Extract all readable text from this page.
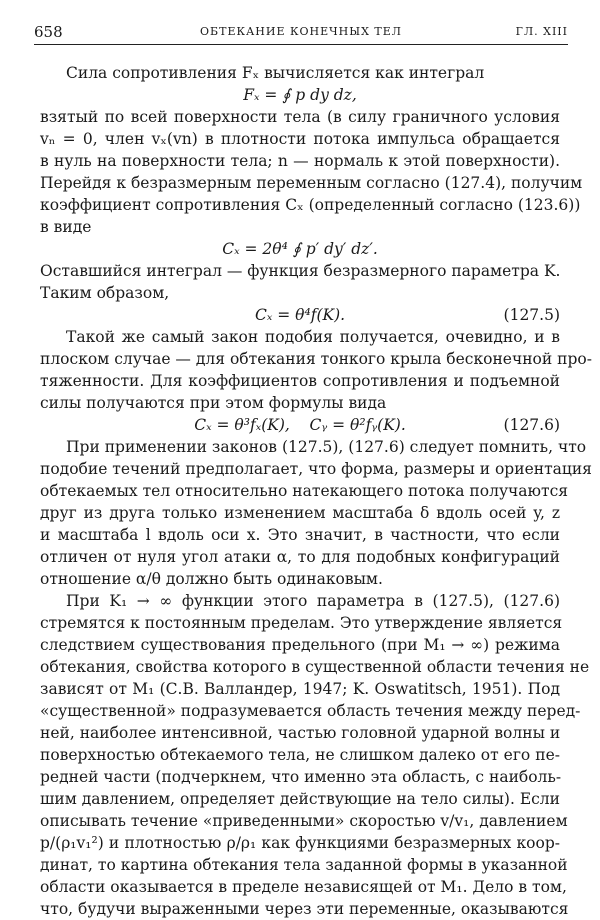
658	ОБТЕКАНИЕ КОНЕЧНЫХ ТЕЛ	ГЛ. XIII
Сила сопротивления Fₓ вычисляется как интеграл
Fₓ = ∮ p dy dz,
взятый по всей поверхности тела (в силу граничного условия
vₙ = 0, член vₓ(vn) в плотности потока импульса обращается
в нуль на поверхности тела; n — нормаль к этой поверхности).
Перейдя к безразмерным переменным согласно (127.4), получим
коэффициент сопротивления Cₓ (определенный согласно (123.6))
в виде
Cₓ = 2θ⁴ ∮ p′ dy′ dz′.
Оставшийся интеграл — функция безразмерного параметра K.
Таким образом,
Cₓ = θ⁴f(K).	(127.5)
Такой же самый закон подобия получается, очевидно, и в
плоском случае — для обтекания тонкого крыла бесконечной про-
тяженности. Для коэффициентов сопротивления и подъемной
силы получаются при этом формулы вида
Cₓ = θ³fₓ(K),    Cᵧ = θ²fᵧ(K).	(127.6)
При применении законов (127.5), (127.6) следует помнить, что
подобие течений предполагает, что форма, размеры и ориентация
обтекаемых тел относительно натекающего потока получаются
друг из друга только изменением масштаба δ вдоль осей y, z
и масштаба l вдоль оси x. Это значит, в частности, что если
отличен от нуля угол атаки α, то для подобных конфигураций
отношение α/θ должно быть одинаковым.
При K₁ → ∞ функции этого параметра в (127.5), (127.6)
стремятся к постоянным пределам. Это утверждение является
следствием существования предельного (при M₁ → ∞) режима
обтекания, свойства которого в существенной области течения не
зависят от M₁ (С.В. Валландер, 1947; K. Oswatitsch, 1951). Под
«существенной» подразумевается область течения между перед-
ней, наиболее интенсивной, частью головной ударной волны и
поверхностью обтекаемого тела, не слишком далеко от его пе-
редней части (подчеркнем, что именно эта область, с наиболь-
шим давлением, определяет действующие на тело силы). Если
описывать течение «приведенными» скоростью v/v₁, давлением
p/(ρ₁v₁²) и плотностью ρ/ρ₁ как функциями безразмерных коор-
динат, то картина обтекания тела заданной формы в указанной
области оказывается в пределе независящей от M₁. Дело в том,
что, будучи выраженными через эти переменные, оказываются
